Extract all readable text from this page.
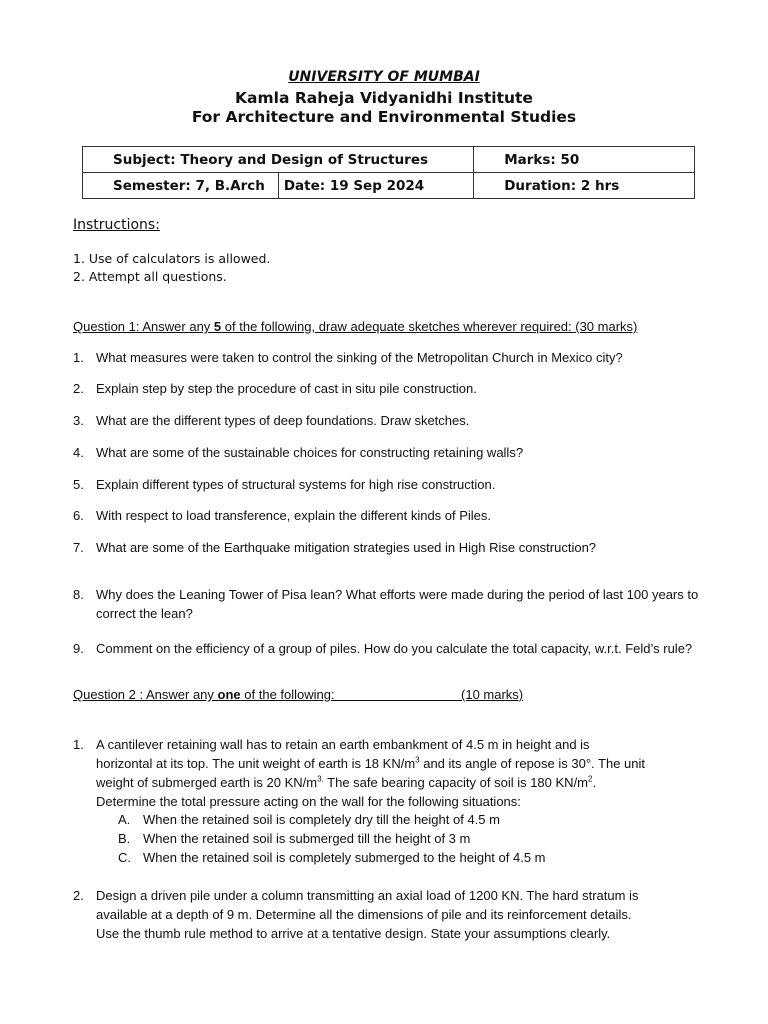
UNIVERSITY OF MUMBAI
Kamla Raheja Vidyanidhi Institute
For Architecture and Environmental Studies
Subject: Theory and Design of Structures		Marks: 50
Semester: 7, B.Arch	Date: 19 Sep 2024	Duration: 2 hrs
Instructions:
1. Use of calculators is allowed.
2. Attempt all questions.
Question 1: Answer any 5 of the following, draw adequate sketches wherever required: (30 marks)
1. What measures were taken to control the sinking of the Metropolitan Church in Mexico city?
2. Explain step by step the procedure of cast in situ pile construction.
3. What are the different types of deep foundations. Draw sketches.
4. What are some of the sustainable choices for constructing retaining walls?
5. Explain different types of structural systems for high rise construction.
6. With respect to load transference, explain the different kinds of Piles.
7. What are some of the Earthquake mitigation strategies used in High Rise construction?
8. Why does the Leaning Tower of Pisa lean? What efforts were made during the period of last 100 years to correct the lean?
9. Comment on the efficiency of a group of piles. How do you calculate the total capacity, w.r.t. Feld’s rule?
Question 2 : Answer any one of the following:                                   (10 marks)
1. A cantilever retaining wall has to retain an earth embankment of 4.5 m in height and is
horizontal at its top. The unit weight of earth is 18 $KN/m^3$ and its angle of repose is 30°. The unit
weight of submerged earth is 20 $KN/m^{3.}$ The safe bearing capacity of soil is 180 $KN/m^2$.
Determine the total pressure acting on the wall for the following situations:
A. When the retained soil is completely dry till the height of 4.5 m
B. When the retained soil is submerged till the height of 3 m
C. When the retained soil is completely submerged to the height of 4.5 m
2. Design a driven pile under a column transmitting an axial load of 1200 KN. The hard stratum is
available at a depth of 9 m. Determine all the dimensions of pile and its reinforcement details.
Use the thumb rule method to arrive at a tentative design. State your assumptions clearly.
